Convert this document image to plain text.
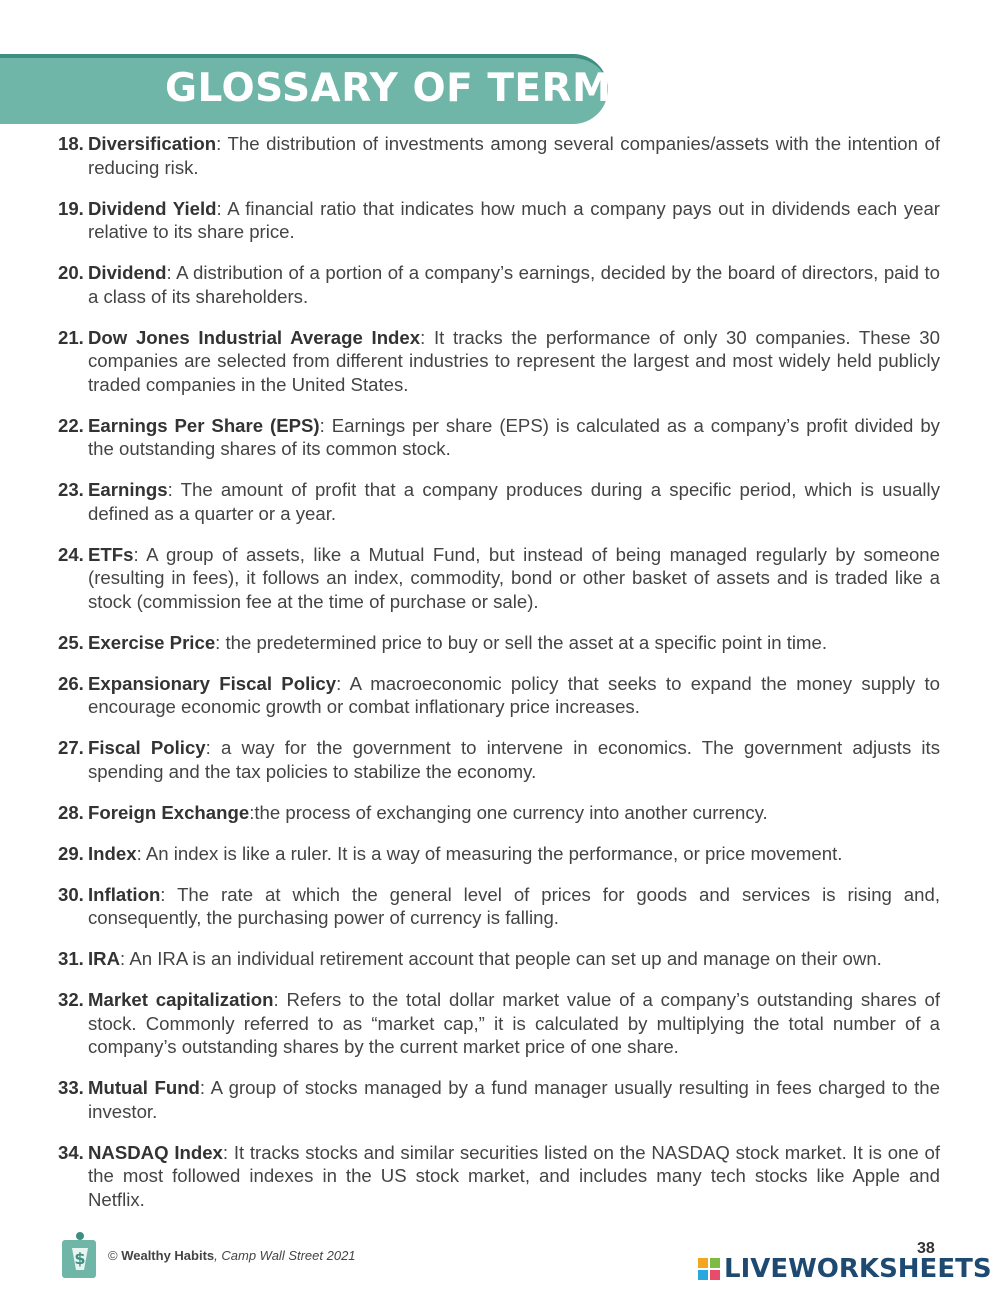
GLOSSARY OF TERMS
18. Diversification: The distribution of investments among several companies/assets with the intention of reducing risk.
19. Dividend Yield: A financial ratio that indicates how much a company pays out in dividends each year relative to its share price.
20. Dividend: A distribution of a portion of a company’s earnings, decided by the board of directors, paid to a class of its shareholders.
21. Dow Jones Industrial Average Index: It tracks the performance of only 30 companies. These 30 companies are selected from different industries to represent the largest and most widely held publicly traded companies in the United States.
22. Earnings Per Share (EPS): Earnings per share (EPS) is calculated as a company’s profit divided by the outstanding shares of its common stock.
23. Earnings: The amount of profit that a company produces during a specific period, which is usually defined as a quarter or a year.
24. ETFs: A group of assets, like a Mutual Fund, but instead of being managed regularly by someone (resulting in fees), it follows an index, commodity, bond or other basket of assets and is traded like a stock (commission fee at the time of purchase or sale).
25. Exercise Price: the predetermined price to buy or sell the asset at a specific point in time.
26. Expansionary Fiscal Policy: A macroeconomic policy that seeks to expand the money supply to encourage economic growth or combat inflationary price increases.
27. Fiscal Policy: a way for the government to intervene in economics. The government adjusts its spending and the tax policies to stabilize the economy.
28. Foreign Exchange:the process of exchanging one currency into another currency.
29. Index: An index is like a ruler. It is a way of measuring the performance, or price movement.
30. Inflation: The rate at which the general level of prices for goods and services is rising and, consequently, the purchasing power of currency is falling.
31. IRA: An IRA is an individual retirement account that people can set up and manage on their own.
32. Market capitalization: Refers to the total dollar market value of a company’s outstanding shares of stock. Commonly referred to as “market cap,” it is calculated by multiplying the total number of a company’s outstanding shares by the current market price of one share.
33. Mutual Fund: A group of stocks managed by a fund manager usually resulting in fees charged to the investor.
34. NASDAQ Index: It tracks stocks and similar securities listed on the NASDAQ stock market. It is one of the most followed indexes in the US stock market, and includes many tech stocks like Apple and Netflix.
$ © Wealthy Habits, Camp Wall Street 2021	38
LIVEWORKSHEETS
